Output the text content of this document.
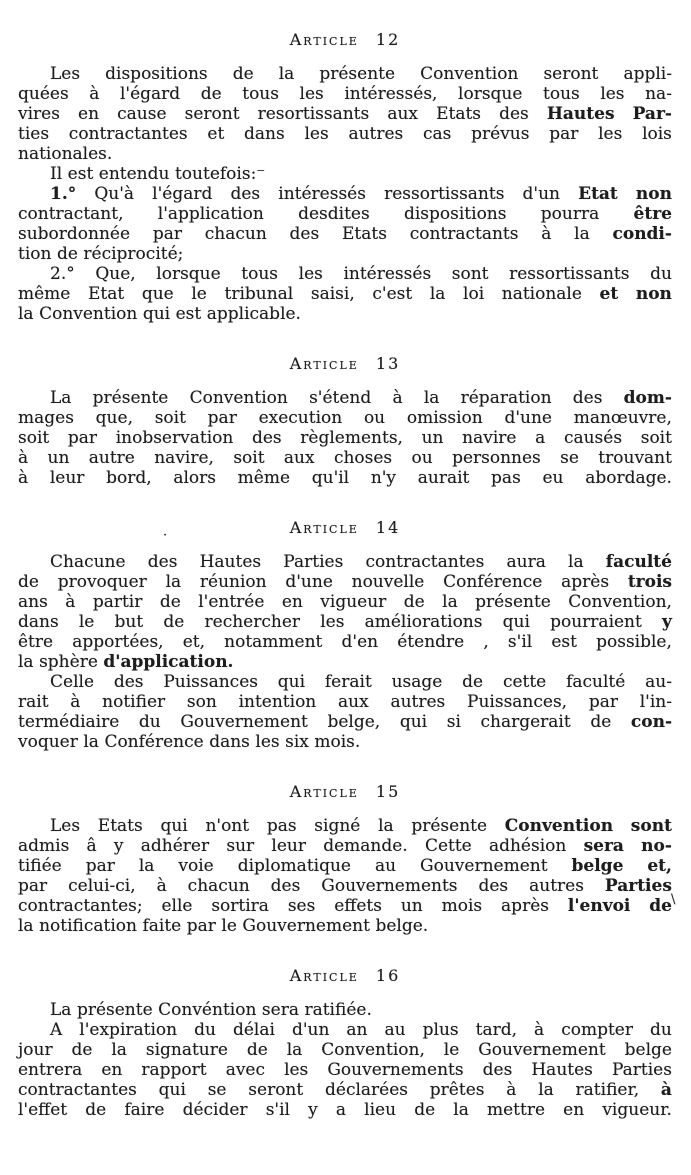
Article 12
Les dispositions de la présente Convention seront appli-
quées à l'égard de tous les intéressés, lorsque tous les na-
vires en cause seront resortissants aux Etats des Hautes Par-
ties contractantes et dans les autres cas prévus par les lois
nationales.
Il est entendu toutefois:⁻
1.° Qu'à l'égard des intéressés ressortissants d'un Etat non
contractant, l'application desdites dispositions pourra être
subordonnée par chacun des Etats contractants à la condi-
tion de réciprocité;
2.° Que, lorsque tous les intéressés sont ressortissants du
même Etat que le tribunal saisi, c'est la loi nationale et non
la Convention qui est applicable.
Article 13
La présente Convention s'étend à la réparation des dom-
mages que, soit par execution ou omission d'une manœuvre,
soit par inobservation des règlements, un navire a causés soit
à un autre navire, soit aux choses ou personnes se trouvant
à leur bord, alors même qu'il n'y aurait pas eu abordage.
Article 14
Chacune des Hautes Parties contractantes aura la faculté
de provoquer la réunion d'une nouvelle Conférence après trois
ans à partir de l'entrée en vigueur de la présente Convention,
dans le but de rechercher les améliorations qui pourraient y
être apportées, et, notamment d'en étendre , s'il est possible,
la sphère d'application.
Celle des Puissances qui ferait usage de cette faculté au-
rait à notifier son intention aux autres Puissances, par l'in-
termédiaire du Gouvernement belge, qui si chargerait de con-
voquer la Conférence dans les six mois.
Article 15
Les Etats qui n'ont pas signé la présente Convention sont
admis â y adhérer sur leur demande. Cette adhésion sera no-
tifiée par la voie diplomatique au Gouvernement belge et,
par celui-ci, à chacun des Gouvernements des autres Parties
contractantes; elle sortira ses effets un mois après l'envoi de
la notification faite par le Gouvernement belge.
Article 16
La présente Convéntion sera ratifiée.
A l'expiration du délai d'un an au plus tard, à compter du
jour de la signature de la Convention, le Gouvernement belge
entrera en rapport avec les Gouvernements des Hautes Parties
contractantes qui se seront déclarées prêtes à la ratifier, à
l'effet de faire décider s'il y a lieu de la mettre en vigueur.
·
\
